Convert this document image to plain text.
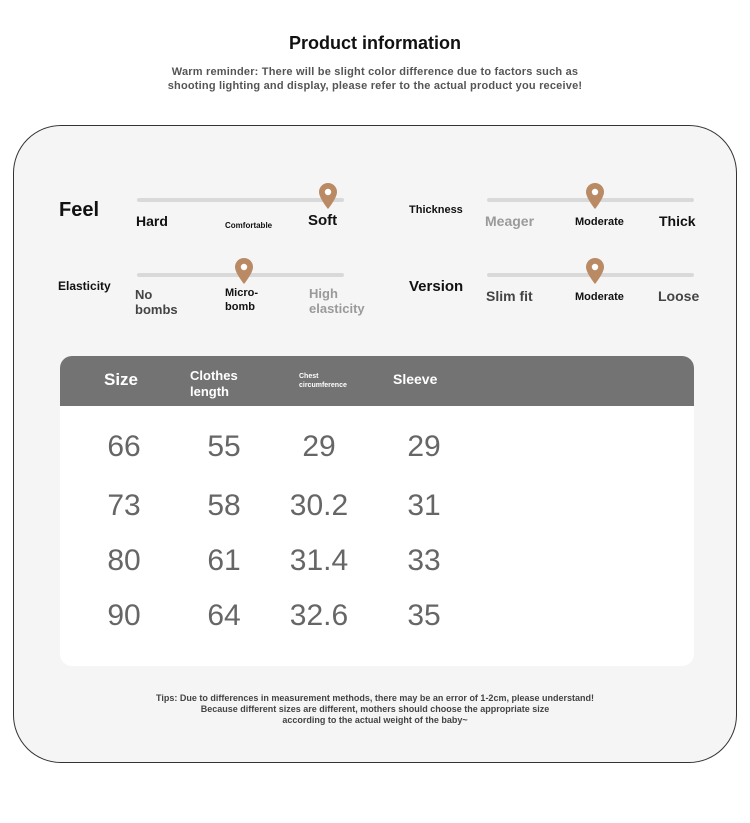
Product information
Warm reminder: There will be slight color difference due to factors such as
shooting lighting and display, please refer to the actual product you receive!
Feel	Hard	Comfortable Soft
Thickness
Meager	Moderate	Thick
Elasticity
No bombs
Micro-bomb
High elasticity
Version
Slim fit	Moderate Loose
Size	Clothes
length
Chest
circumference	Sleeve
66	55	29	29
73	58	30.2	31
80	61	31.4	33
90	64	32.6	35
Tips: Due to differences in measurement methods, there may be an error of 1-2cm, please understand!
Because different sizes are different, mothers should choose the appropriate size
according to the actual weight of the baby~
